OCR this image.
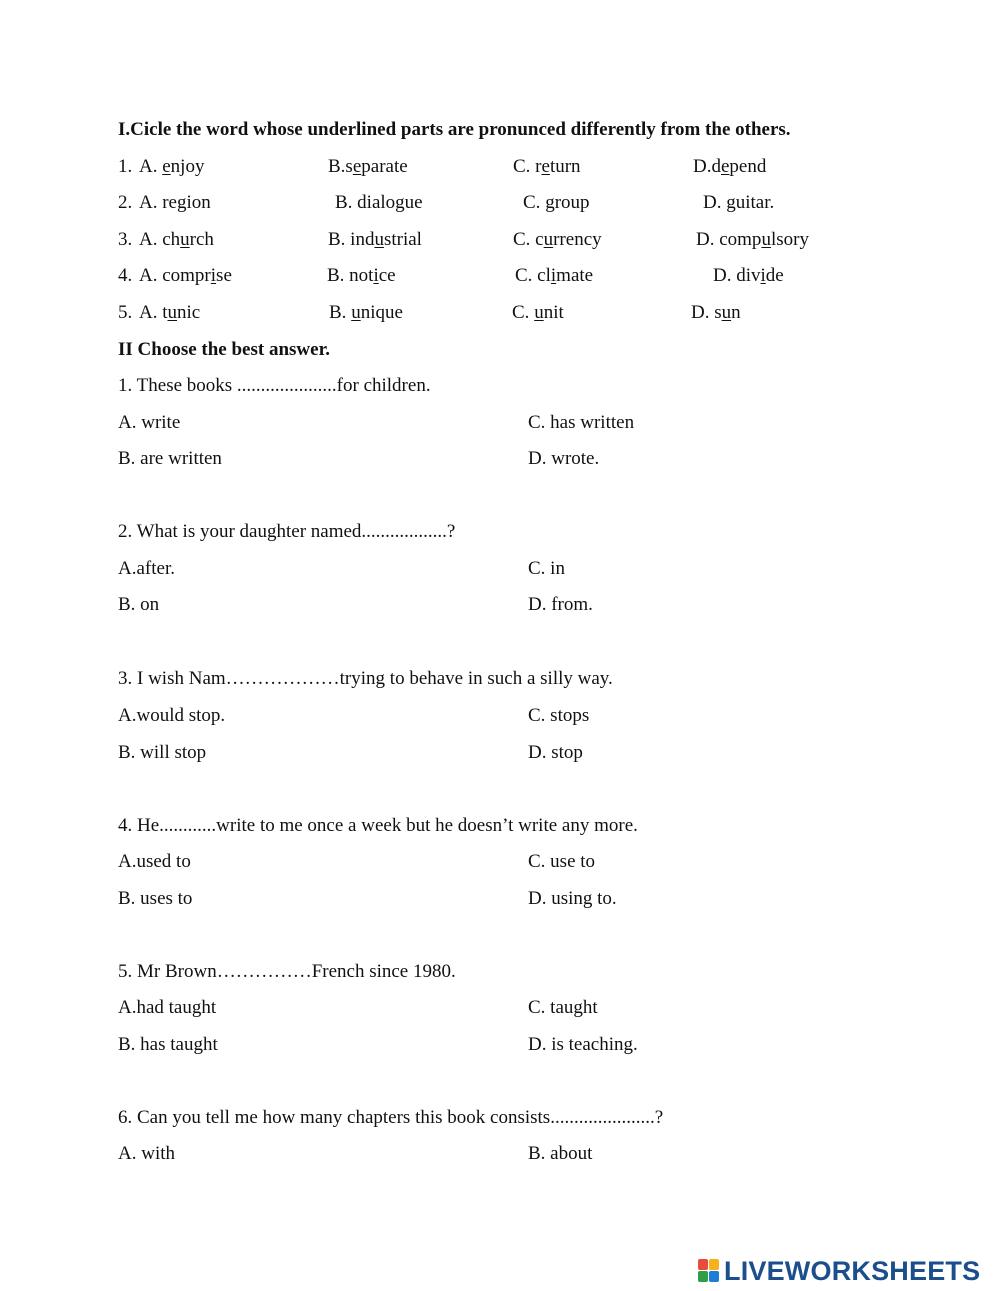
I.Cicle the word whose underlined parts are pronunced differently from the others.
1. A. enjoy	B.separate	C. return	D.depend
2. A. region	B. dialogue	C. group	D. guitar.
3. A. church	B. industrial	C. currency	D. compulsory
4. A. comprise	B. notice	C. climate	D. divide
5. A. tunic	B. unique	C. unit	D. sun
II Choose the best answer.
1. These books .....................for children.
A. write	C. has written
B. are written	D. wrote.
2. What is your daughter named..................?
A.after.	C. in
B. on	D. from.
3. I wish Nam………………trying to behave in such a silly way.
A.would stop.	C. stops
B. will stop	D. stop
4. He............write to me once a week but he doesn’t write any more.
A.used to	C. use to
B. uses to	D. using to.
5. Mr Brown……………French since 1980.
A.had taught	C. taught
B. has taught	D. is teaching.
6. Can you tell me how many chapters this book consists......................?
A. with	B. about
LIVEWORKSHEETS
